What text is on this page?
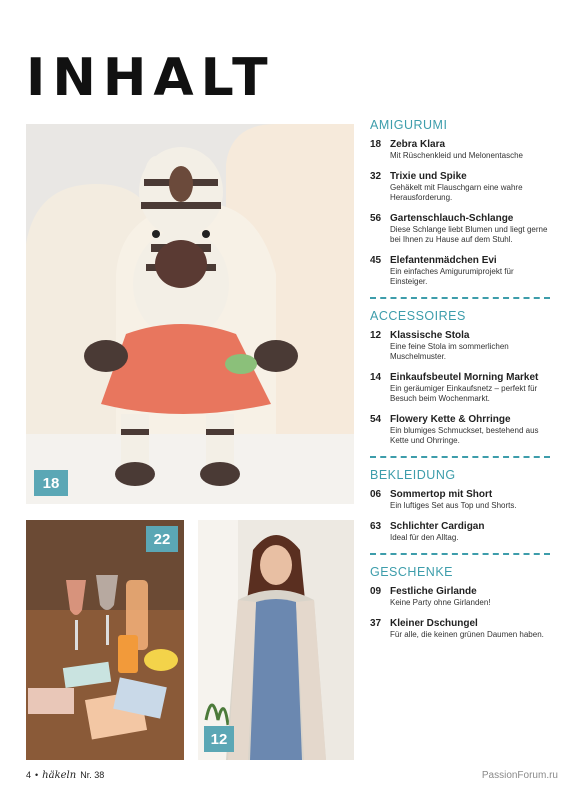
INHALT
18
22
12
AMIGURUMI
18 Zebra Klara
Mit Rüschenkleid und Melonentasche
32 Trixie und Spike
Gehäkelt mit Flauschgarn eine wahre Herausforderung.
56 Gartenschlauch-Schlange
Diese Schlange liebt Blumen und liegt gerne bei Ihnen zu Hause auf dem Stuhl.
45 Elefantenmädchen Evi
Ein einfaches Amigurumiprojekt für Einsteiger.
ACCESSOIRES
12 Klassische Stola
Eine feine Stola im sommerlichen Muschelmuster.
14 Einkaufsbeutel Morning Market
Ein geräumiger Einkaufsnetz – perfekt für Besuch beim Wochenmarkt.
54 Flowery Kette & Ohrringe
Ein blumiges Schmuckset, bestehend aus Kette und Ohrringe.
BEKLEIDUNG
06 Sommertop mit Short
Ein luftiges Set aus Top und Shorts.
63 Schlichter Cardigan
Ideal für den Alltag.
GESCHENKE
09 Festliche Girlande
Keine Party ohne Girlanden!
37 Kleiner Dschungel
Für alle, die keinen grünen Daumen haben.
4 • häkeln Nr. 38	PassionForum.ru
